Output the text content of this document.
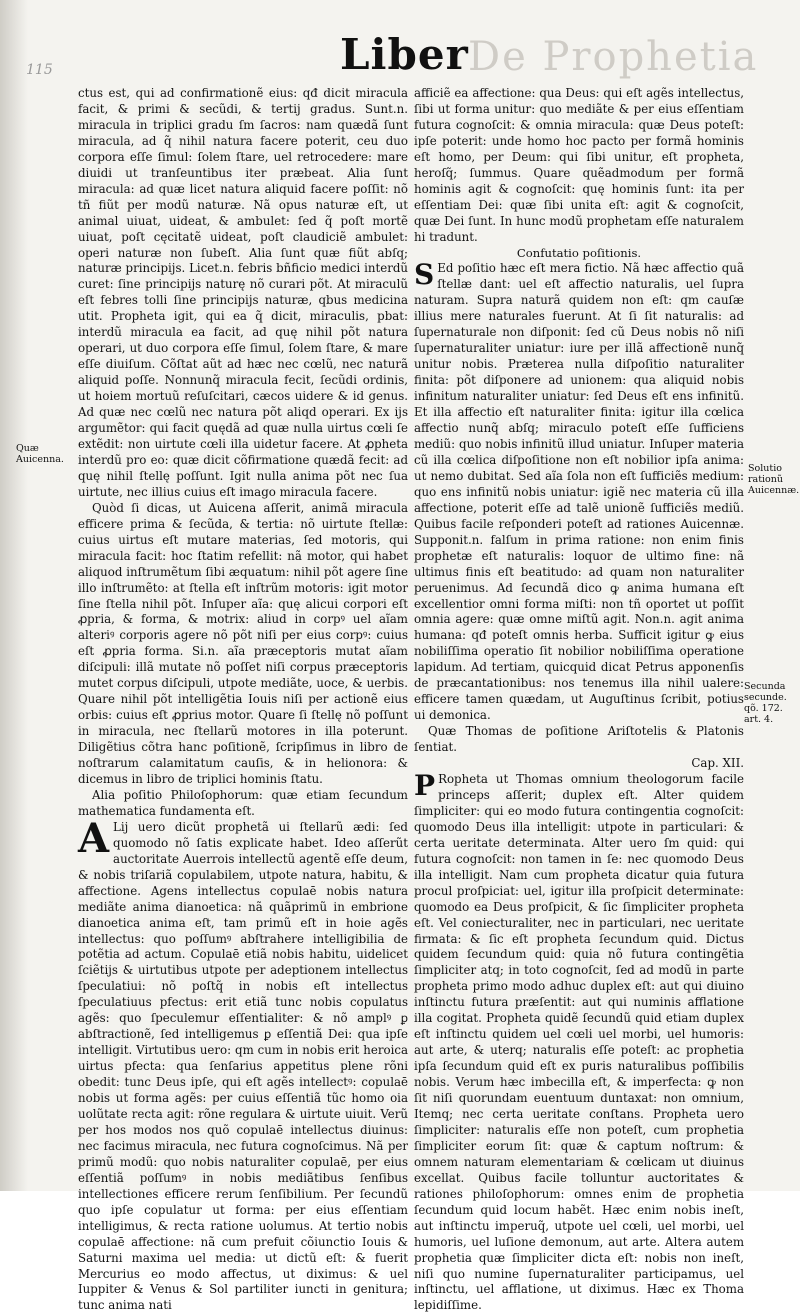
115	De Prophetia
Liber
Quæ Auicenna.
Solutio rationũ Auicennæ.
Secunda secunde. qõ. 172. art. 4.

ctus est, qui ad confirmationẽ eius: qđ dicit miracula facit, & primi & secũdi, & tertij gradus. Sunt.n. miracula in triplici gradu ſm ſacros: nam quædã ſunt miracula, ad q̃ nihil natura facere poterit, ceu duo corpora eſſe ſimul: ſolem ſtare, uel retrocedere: mare diuidi ut tranſeuntibus iter præbeat. Alia ſunt miracula: ad quæ licet natura aliquid facere poſſit: nõ tñ fiũt per modũ naturæ. Nã opus naturæ eſt, ut animal uiuat, uideat, & ambulet: ſed q̃ poſt mortẽ uiuat, poſt cęcitatẽ uideat, poſt claudiciẽ ambulet: operi naturæ non ſubeſt. Alia ſunt quæ fiũt abſq; naturæ principijs. Licet.n. febris bñficio medici interdũ curet: ſine principijs naturę nõ curari põt. At miraculũ eſt febres tolli ſine principijs naturæ, qbus medicina utit. Propheta igit, qui ea q̃ dicit, miraculis, pbat: interdũ miracula ea facit, ad quę nihil põt natura operari, ut duo corpora eſſe ſimul, ſolem ſtare, & mare eſſe diuiſum. Cõſtat aũt ad hæc nec cœlũ, nec naturã aliquid poſſe. Nonnunq̃ miracula fecit, ſecũdi ordinis, ut hoiem mortuũ reſuſcitari, cæcos uidere & id genus. Ad quæ nec cœlũ nec natura põt aliqd operari. Ex ijs argumẽtor: qui facit quędã ad quæ nulla uirtus cœli ſe extẽdit: non uirtute cœli illa uidetur facere. At ꝓpheta interdũ pro eo: quæ dicit cõfirmatione quædã fecit: ad quę nihil ſtellę poſſunt. Igit nulla anima põt nec ſua uirtute, nec illius cuius eſt imago miracula facere.

Quòd ſi dicas, ut Auicena aſſerit, animã miracula efficere prima & ſecũda, & tertia: nõ uirtute ſtellæ: cuius uirtus eſt mutare materias, ſed motoris, qui miracula facit: hoc ſtatim refellit: nã motor, qui habet aliquod inſtrumẽtum ſibi æquatum: nihil põt agere ſine illo inſtrumẽto: at ſtella eſt inſtrũm motoris: igit motor ſine ſtella nihil põt. Inſuper aĩa: quę alicui corpori eſt ꝓpria, & forma, & motrix: aliud in corpꝰ uel aĩam alteriꝰ corporis agere nõ põt niſi per eius corpꝰ: cuius eſt ꝓpria forma. Si.n. aĩa præceptoris mutat aĩam diſcipuli: illã mutate nõ poſſet niſi corpus præceptoris mutet corpus diſcipuli, utpote mediãte, uoce, & uerbis. Quare nihil põt intelligẽtia Iouis niſi per actionẽ eius orbis: cuius eſt ꝓprius motor. Quare ſi ſtellę nõ poſſunt in miracula, nec ſtellarũ motores in illa poterunt. Diligẽtius cõtra hanc poſitionẽ, ſcripſimus in libro de noſtrarum calamitatum cauſis, & in helionora: & dicemus in libro de triplici hominis ſtatu.

Alia poſitio Philoſophorum: quæ etiam ſecundum mathematica fundamenta eſt.

A Lij uero dicũt prophetã ui ſtellarũ ædi: ſed quomodo nõ ſatis explicate habet. Ideo aſſerũt auctoritate Auerrois intellectũ agentẽ eſſe deum, & nobis triſariã copulabilem, utpote natura, habitu, & affectione. Agens intellectus copulaē nobis natura mediãte anima dianoetica: nã quãprimũ in embrione dianoetica anima eſt, tam primũ eſt in hoie agẽs intellectus: quo poſſumꝰ abſtrahere intelligibilia de potẽtia ad actum. Copulaē etiã nobis habitu, uidelicet ſciẽtijs & uirtutibus utpote per adeptionem intellectus ſpeculatiui: nõ poſtq̃ in nobis eſt intellectus ſpeculatiuus pfectus: erit etiã tunc nobis copulatus agẽs: quo ſpeculemur eſſentialiter: & nõ amplꝰ ꝑ abſtractionẽ, ſed intelligemus ꝑ eſſentiã Dei: qua ipſe intelligit. Virtutibus uero: qm cum in nobis erit heroica uirtus pfecta: qua ſenſarius appetitus plene rõni obedit: tunc Deus ipſe, qui eſt agẽs intellectꝰ: copulaē nobis ut forma agẽs: per cuius eſſentiã tũc homo oia uolũtate recta agit: rõne regulara & uirtute uiuit. Verũ per hos modos nos quõ copulaē intellectus diuinus: nec facimus miracula, nec futura cognoſcimus. Nã per primũ modũ: quo nobis naturaliter copulaē, per eius eſſentiã poſſumꝰ in nobis mediãtibus ſenſibus intellectiones efficere rerum ſenſibilium. Per ſecundũ quo ipſe copulatur ut forma: per eius eſſentiam intelligimus, & recta ratione uolumus. At tertio nobis copulaē affectione: nã cum prefuit cõiunctio Iouis & Saturni maxima uel media: ut dictũ eſt: & fuerit Mercurius eo modo affectus, ut diximus: & uel Iuppiter & Venus & Sol partiliter iuncti in genitura; tunc anima nati

afficiẽ ea affectione: qua Deus: qui eſt agẽs intellectus, ſibi ut forma unitur: quo mediãte & per eius eſſentiam futura cognoſcit: & omnia miracula: quæ Deus poteſt: ipſe poterit: unde homo hoc pacto per formã hominis eſt homo, per Deum: qui ſibi unitur, eſt propheta, heroſq̃; ſummus. Quare quẽadmodum per formã hominis agit & cognoſcit: quę hominis ſunt: ita per eſſentiam Dei: quæ ſibi unita eſt: agit & cognoſcit, quæ Dei ſunt. In hunc modũ prophetam eſſe naturalem hi tradunt.

Confutatio poſitionis.

S Ed poſitio hæc eſt mera fictio. Nã hæc affectio quã ſtellæ dant: uel eſt affectio naturalis, uel ſupra naturam. Supra naturã quidem non eſt: qm cauſæ illius mere naturales fuerunt. At ſi ſit naturalis: ad ſupernaturale non diſponit: ſed cũ Deus nobis nõ niſi ſupernaturaliter uniatur: iure per illã affectionẽ nunq̃ unitur nobis. Præterea nulla diſpoſitio naturaliter finita: põt diſponere ad unionem: qua aliquid nobis infinitum naturaliter uniatur: ſed Deus eſt ens infinitũ. Et illa affectio eſt naturaliter finita: igitur illa cœlica affectio nunq̃ abſq; miraculo poteſt eſſe ſufficiens mediũ: quo nobis infinitũ illud uniatur. Inſuper materia cũ illa cœlica diſpoſitione non eſt nobilior ipſa anima: ut nemo dubitat. Sed aĩa ſola non eſt ſufficiẽs medium: quo ens infinitũ nobis uniatur: igiẽ nec materia cũ illa affectione, poterit eſſe ad talẽ unionẽ ſufficiẽs mediũ. Quibus facile reſponderi poteſt ad rationes Auicennæ. Supponit.n. falſum in prima ratione: non enim finis prophetæ eſt naturalis: loquor de ultimo fine: nã ultimus finis eſt beatitudo: ad quam non naturaliter peruenimus. Ad ſecundã dico ꝙ anima humana eſt excellentior omni forma miſti: non tñ oportet ut poſſit omnia agere: quæ omne miſtũ agit. Non.n. agit anima humana: qđ poteſt omnis herba. Sufficit igitur ꝙ eius nobiliſſima operatio ſit nobilior nobiliſſima operatione lapidum. Ad tertiam, quicquid dicat Petrus apponenſis de præcantationibus: nos tenemus illa nihil ualere: efficere tamen quædam, ut Auguſtinus ſcribit, potius ui demonica.

Quæ Thomas de poſitione Ariſtotelis & Platonis ſentiat.

Cap. XII.

P Ropheta ut Thomas omnium theologorum facile princeps aſſerit; duplex eſt. Alter quidem ſimpliciter: qui eo modo futura contingentia cognoſcit: quomodo Deus illa intelligit: utpote in particulari: & certa ueritate determinata. Alter uero ſm quid: qui futura cognoſcit: non tamen in ſe: nec quomodo Deus illa intelligit. Nam cum propheta dicatur quia futura procul proſpiciat: uel, igitur illa proſpicit determinate: quomodo ea Deus proſpicit, & ſic ſimpliciter propheta eſt. Vel coniecturaliter, nec in particulari, nec ueritate firmata: & ſic eſt propheta ſecundum quid. Dictus quidem ſecundum quid: quia nõ futura contingẽtia ſimpliciter atq; in toto cognoſcit, ſed ad modũ in parte propheta primo modo adhuc duplex eſt: aut qui diuino inſtinctu futura præſentit: aut qui numinis afflatione illa cogitat. Propheta quidẽ ſecundũ quid etiam duplex eſt inſtinctu quidem uel cœli uel morbi, uel humoris: aut arte, & uterq; naturalis eſſe poteſt: ac prophetia ipſa ſecundum quid eſt ex puris naturalibus poſſibilis nobis. Verum hæc imbecilla eſt, & imperfecta: ꝙ non ſit niſi quorundam euentuum duntaxat: non omnium, Itemq; nec certa ueritate conſtans. Propheta uero ſimpliciter: naturalis eſſe non poteſt, cum prophetia ſimpliciter eorum ſit: quæ & captum noſtrum: & omnem naturam elementariam & cœlicam ut diuinus excellat. Quibus facile tolluntur auctoritates & rationes philoſophorum: omnes enim de prophetia ſecundum quid locum habẽt. Hæc enim nobis ineſt, aut inſtinctu imperuq̃, utpote uel cœli, uel morbi, uel humoris, uel luſione demonum, aut arte. Altera autem prophetia quæ ſimpliciter dicta eſt: nobis non ineſt, niſi quo numine ſupernaturaliter participamus, uel inſtinctu, uel afflatione, ut diximus. Hæc ex Thoma lepidiſſime.
